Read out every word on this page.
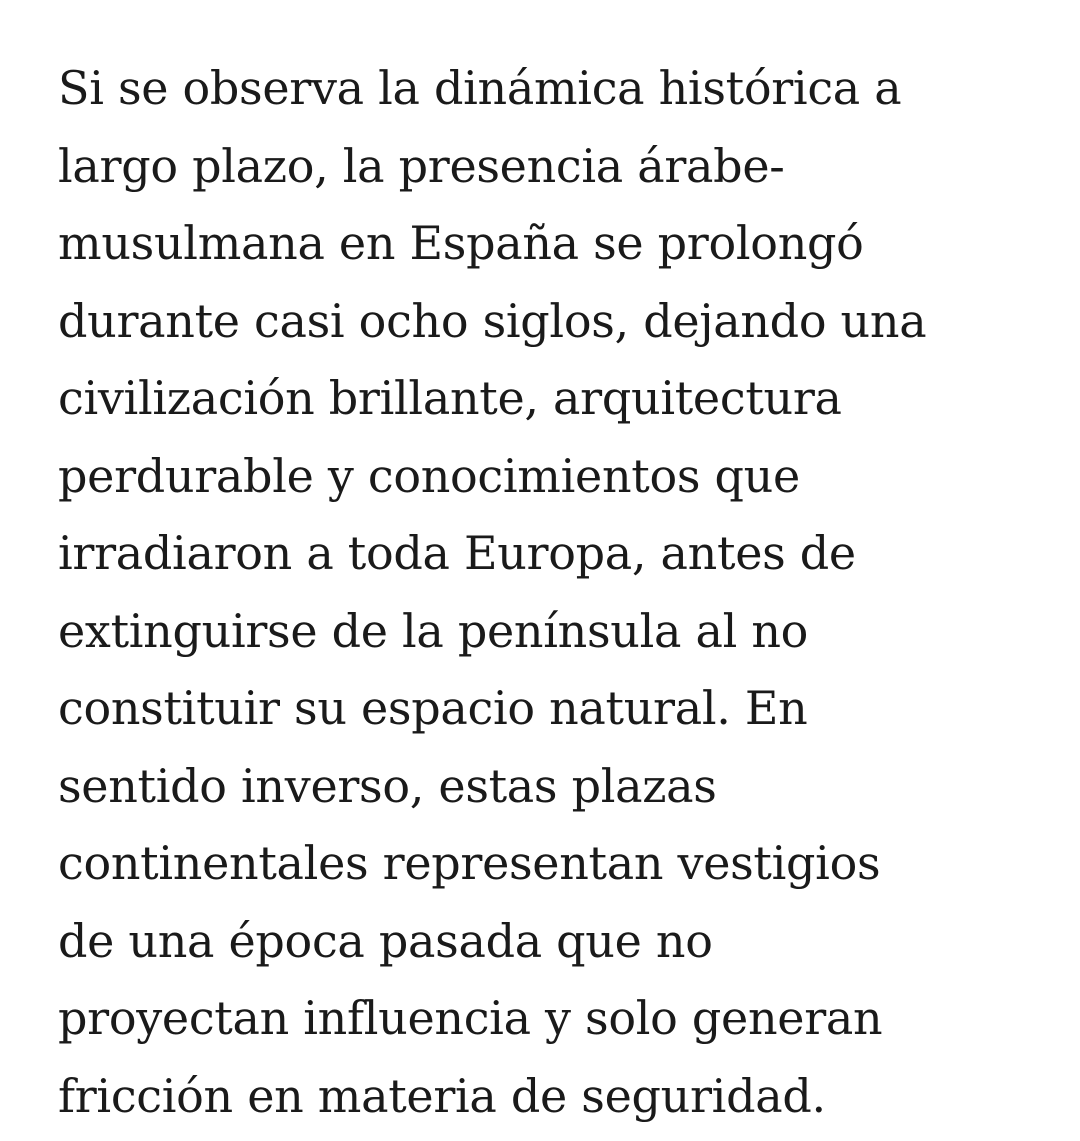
Si se observa la dinámica histórica a
largo plazo, la presencia árabe-
musulmana en España se prolongó
durante casi ocho siglos, dejando una
civilización brillante, arquitectura
perdurable y conocimientos que
irradiaron a toda Europa, antes de
extinguirse de la península al no
constituir su espacio natural. En
sentido inverso, estas plazas
continentales representan vestigios
de una época pasada que no
proyectan influencia y solo generan
fricción en materia de seguridad.
